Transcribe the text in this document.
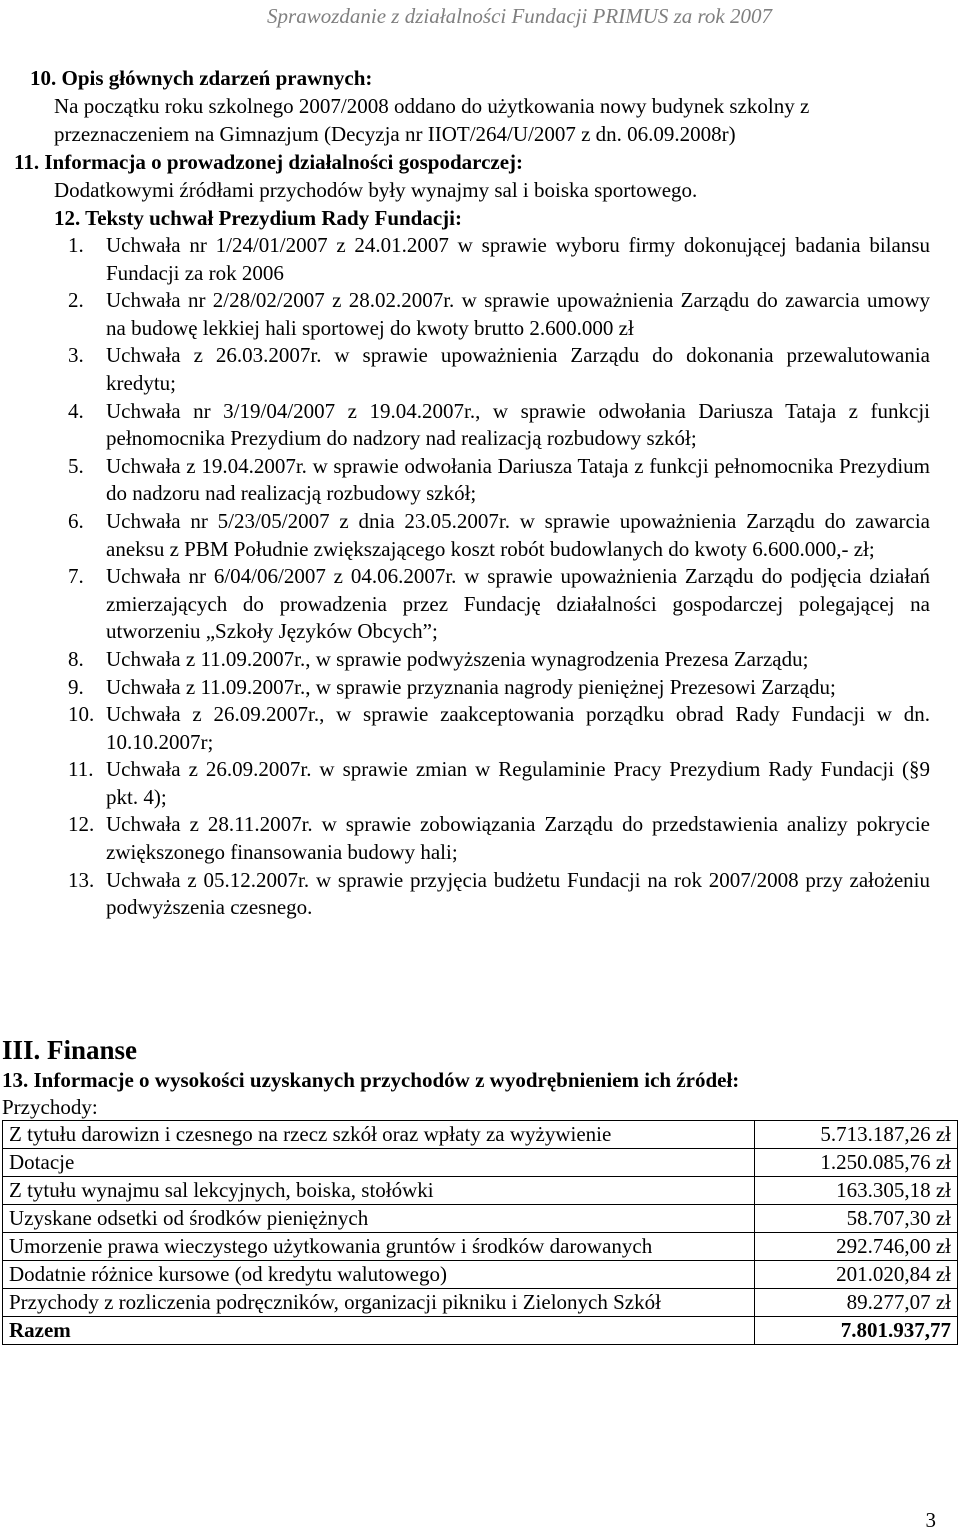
Sprawozdanie z działalności Fundacji PRIMUS za rok 2007
10. Opis głównych zdarzeń prawnych:

Na początku roku szkolnego 2007/2008 oddano do użytkowania nowy budynek szkolny z przeznaczeniem na Gimnazjum (Decyzja nr IIOT/264/U/2007 z dn. 06.09.2008r)

11. Informacja o prowadzonej działalności gospodarczej:

Dodatkowymi źródłami przychodów były wynajmy sal i boiska sportowego.

12. Teksty uchwał Prezydium Rady Fundacji:
1. Uchwała nr 1/24/01/2007 z 24.01.2007 w sprawie wyboru firmy dokonującej badania bilansu Fundacji za rok 2006
2. Uchwała nr 2/28/02/2007 z 28.02.2007r. w sprawie upoważnienia Zarządu do zawarcia umowy na budowę lekkiej hali sportowej do kwoty brutto 2.600.000 zł
3. Uchwała z 26.03.2007r. w sprawie upoważnienia Zarządu do dokonania przewalutowania kredytu;
4. Uchwała nr 3/19/04/2007 z 19.04.2007r., w sprawie odwołania Dariusza Tataja z funkcji pełnomocnika Prezydium do nadzory nad realizacją rozbudowy szkół;
5. Uchwała z 19.04.2007r. w sprawie odwołania Dariusza Tataja z funkcji pełnomocnika Prezydium do nadzoru nad realizacją rozbudowy szkół;
6. Uchwała nr 5/23/05/2007 z dnia 23.05.2007r. w sprawie upoważnienia Zarządu do zawarcia aneksu z PBM Południe zwiększającego koszt robót budowlanych do kwoty 6.600.000,- zł;
7. Uchwała nr 6/04/06/2007 z 04.06.2007r. w sprawie upoważnienia Zarządu do podjęcia działań zmierzających do prowadzenia przez Fundację działalności gospodarczej polegającej na utworzeniu „Szkoły Języków Obcych”;
8. Uchwała z 11.09.2007r., w sprawie podwyższenia wynagrodzenia Prezesa Zarządu;
9. Uchwała z 11.09.2007r., w sprawie przyznania nagrody pieniężnej Prezesowi Zarządu;
10. Uchwała z 26.09.2007r., w sprawie zaakceptowania porządku obrad Rady Fundacji w dn. 10.10.2007r;
11. Uchwała z 26.09.2007r. w sprawie zmian w Regulaminie Pracy Prezydium Rady Fundacji (§9 pkt. 4);
12. Uchwała z 28.11.2007r. w sprawie zobowiązania Zarządu do przedstawienia analizy pokrycie zwiększonego finansowania budowy hali;
13. Uchwała z 05.12.2007r. w sprawie przyjęcia budżetu Fundacji na rok 2007/2008 przy założeniu podwyższenia czesnego.
III. Finanse
13. Informacje o wysokości uzyskanych przychodów z wyodrębnieniem ich źródeł:
Przychody:
Z tytułu darowizn i czesnego na rzecz szkół oraz wpłaty za wyżywienie	5.713.187,26 zł
Dotacje	1.250.085,76 zł
Z tytułu wynajmu sal lekcyjnych, boiska, stołówki	163.305,18 zł
Uzyskane odsetki od środków pieniężnych	58.707,30 zł
Umorzenie prawa wieczystego użytkowania gruntów i środków darowanych	292.746,00 zł
Dodatnie różnice kursowe (od kredytu walutowego)	201.020,84 zł
Przychody z rozliczenia podręczników, organizacji pikniku i Zielonych Szkół	89.277,07 zł
Razem	7.801.937,77
3
